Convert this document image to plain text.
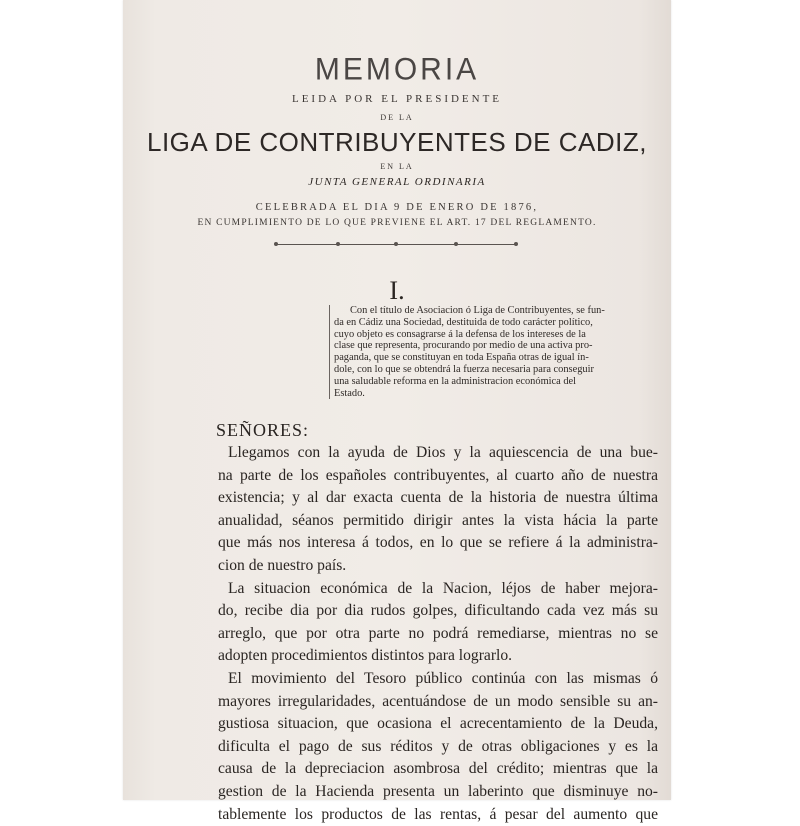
MEMORIA
LEIDA POR EL PRESIDENTE
DE LA
LIGA DE CONTRIBUYENTES DE CADIZ,
EN LA
JUNTA GENERAL ORDINARIA
CELEBRADA EL DIA 9 DE ENERO DE 1876,
EN CUMPLIMIENTO DE LO QUE PREVIENE EL ART. 17 DEL REGLAMENTO.
I.
Con el título de Asociacion ó Liga de Contribuyentes, se fun-
da en Cádiz una Sociedad, destituida de todo carácter político,
cuyo objeto es consagrarse á la defensa de los intereses de la
clase que representa, procurando por medio de una activa pro-
paganda, que se constituyan en toda España otras de igual ín-
dole, con lo que se obtendrá la fuerza necesaria para conseguir
una saludable reforma en la administracion económica del
Estado.
SEÑORES:
Llegamos con la ayuda de Dios y la aquiescencia de una bue-
na parte de los españoles contribuyentes, al cuarto año de nuestra
existencia; y al dar exacta cuenta de la historia de nuestra última
anualidad, séanos permitido dirigir antes la vista hácia la parte
que más nos interesa á todos, en lo que se refiere á la administra-
cion de nuestro país.
La situacion económica de la Nacion, léjos de haber mejora-
do, recibe dia por dia rudos golpes, dificultando cada vez más su
arreglo, que por otra parte no podrá remediarse, mientras no se
adopten procedimientos distintos para lograrlo.
El movimiento del Tesoro público continúa con las mismas ó
mayores irregularidades, acentuándose de un modo sensible su an-
gustiosa situacion, que ocasiona el acrecentamiento de la Deuda,
dificulta el pago de sus réditos y de otras obligaciones y es la
causa de la depreciacion asombrosa del crédito; mientras que la
gestion de la Hacienda presenta un laberinto que disminuye no-
tablemente los productos de las rentas, á pesar del aumento que
